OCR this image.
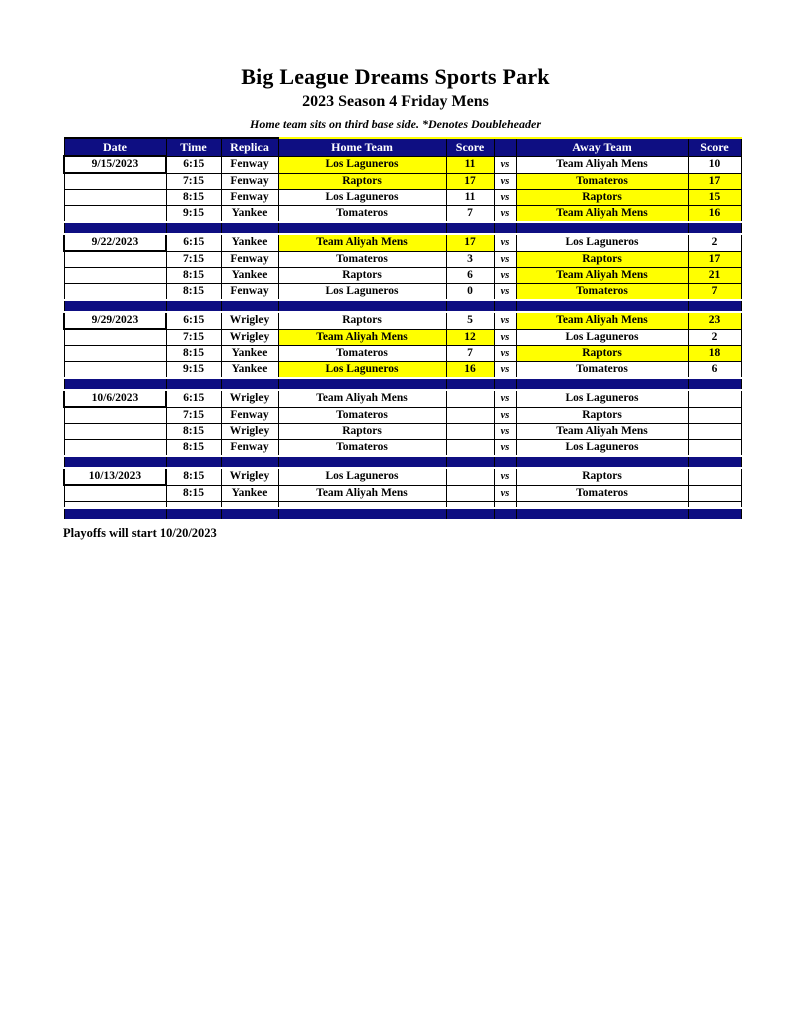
Big League Dreams Sports Park
2023 Season 4 Friday Mens
Home team sits on third base side. *Denotes Doubleheader
Date	Time	Replica	Home Team	Score		Away Team	Score
9/15/2023	6:15	Fenway	Los Laguneros	11	vs	Team Aliyah Mens	10
	7:15	Fenway	Raptors	17	vs	Tomateros	17
	8:15	Fenway	Los Laguneros	11	vs	Raptors	15
	9:15	Yankee	Tomateros	7	vs	Team Aliyah Mens	16

9/22/2023	6:15	Yankee	Team Aliyah Mens	17	vs	Los Laguneros	2
	7:15	Fenway	Tomateros	3	vs	Raptors	17
	8:15	Yankee	Raptors	6	vs	Team Aliyah Mens	21
	8:15	Fenway	Los Laguneros	0	vs	Tomateros	7

9/29/2023	6:15	Wrigley	Raptors	5	vs	Team Aliyah Mens	23
	7:15	Wrigley	Team Aliyah Mens	12	vs	Los Laguneros	2
	8:15	Yankee	Tomateros	7	vs	Raptors	18
	9:15	Yankee	Los Laguneros	16	vs	Tomateros	6

10/6/2023	6:15	Wrigley	Team Aliyah Mens		vs	Los Laguneros	
	7:15	Fenway	Tomateros		vs	Raptors	
	8:15	Wrigley	Raptors		vs	Team Aliyah Mens	
	8:15	Fenway	Tomateros		vs	Los Laguneros	

10/13/2023	8:15	Wrigley	Los Laguneros		vs	Raptors	
	8:15	Yankee	Team Aliyah Mens		vs	Tomateros	

Playoffs will start 10/20/2023
